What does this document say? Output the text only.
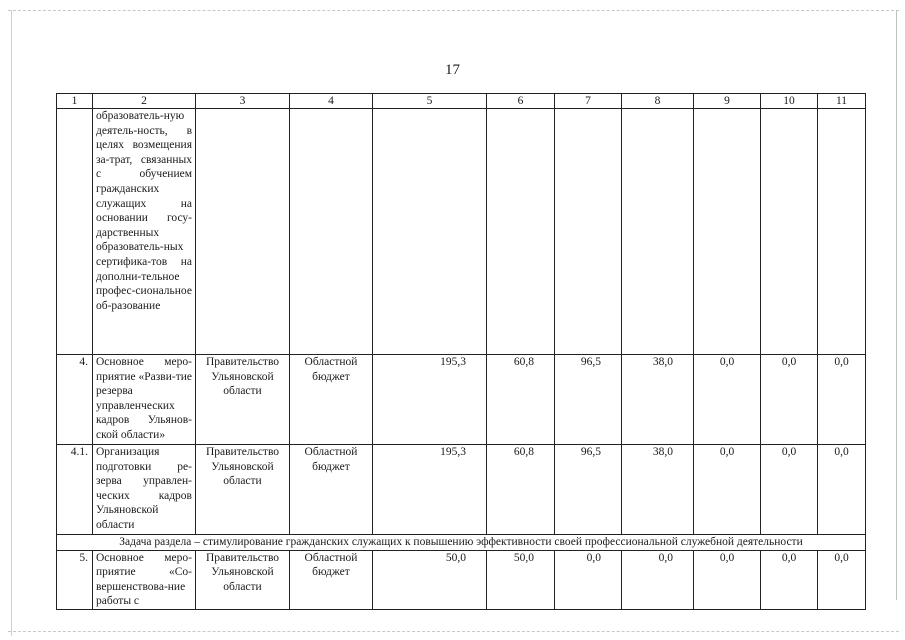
17
1	2	3	4	5	6	7	8	9	10	11
	образователь-ную деятель-ность, в целях возмещения за-трат, связанных с обучением гражданских служащих на основании госу-дарственных образователь-ных сертифика-тов на дополни-тельное профес-сиональное об-разование									
4.	Основное меро-приятие «Разви-тие резерва управленческих кадров Ульянов-ской области»	Правительство Ульяновской области	Областной бюджет	195,3	60,8	96,5	38,0	0,0	0,0	0,0
4.1.	Организация подготовки ре-зерва управлен-ческих кадров Ульяновской области	Правительство Ульяновской области	Областной бюджет	195,3	60,8	96,5	38,0	0,0	0,0	0,0
Задача раздела – стимулирование гражданских служащих к повышению эффективности своей профессиональной служебной деятельности										
5.	Основное меро-приятие «Со-вершенствова-ние работы с	Правительство Ульяновской области	Областной бюджет	50,0	50,0	0,0	0,0	0,0	0,0	0,0
